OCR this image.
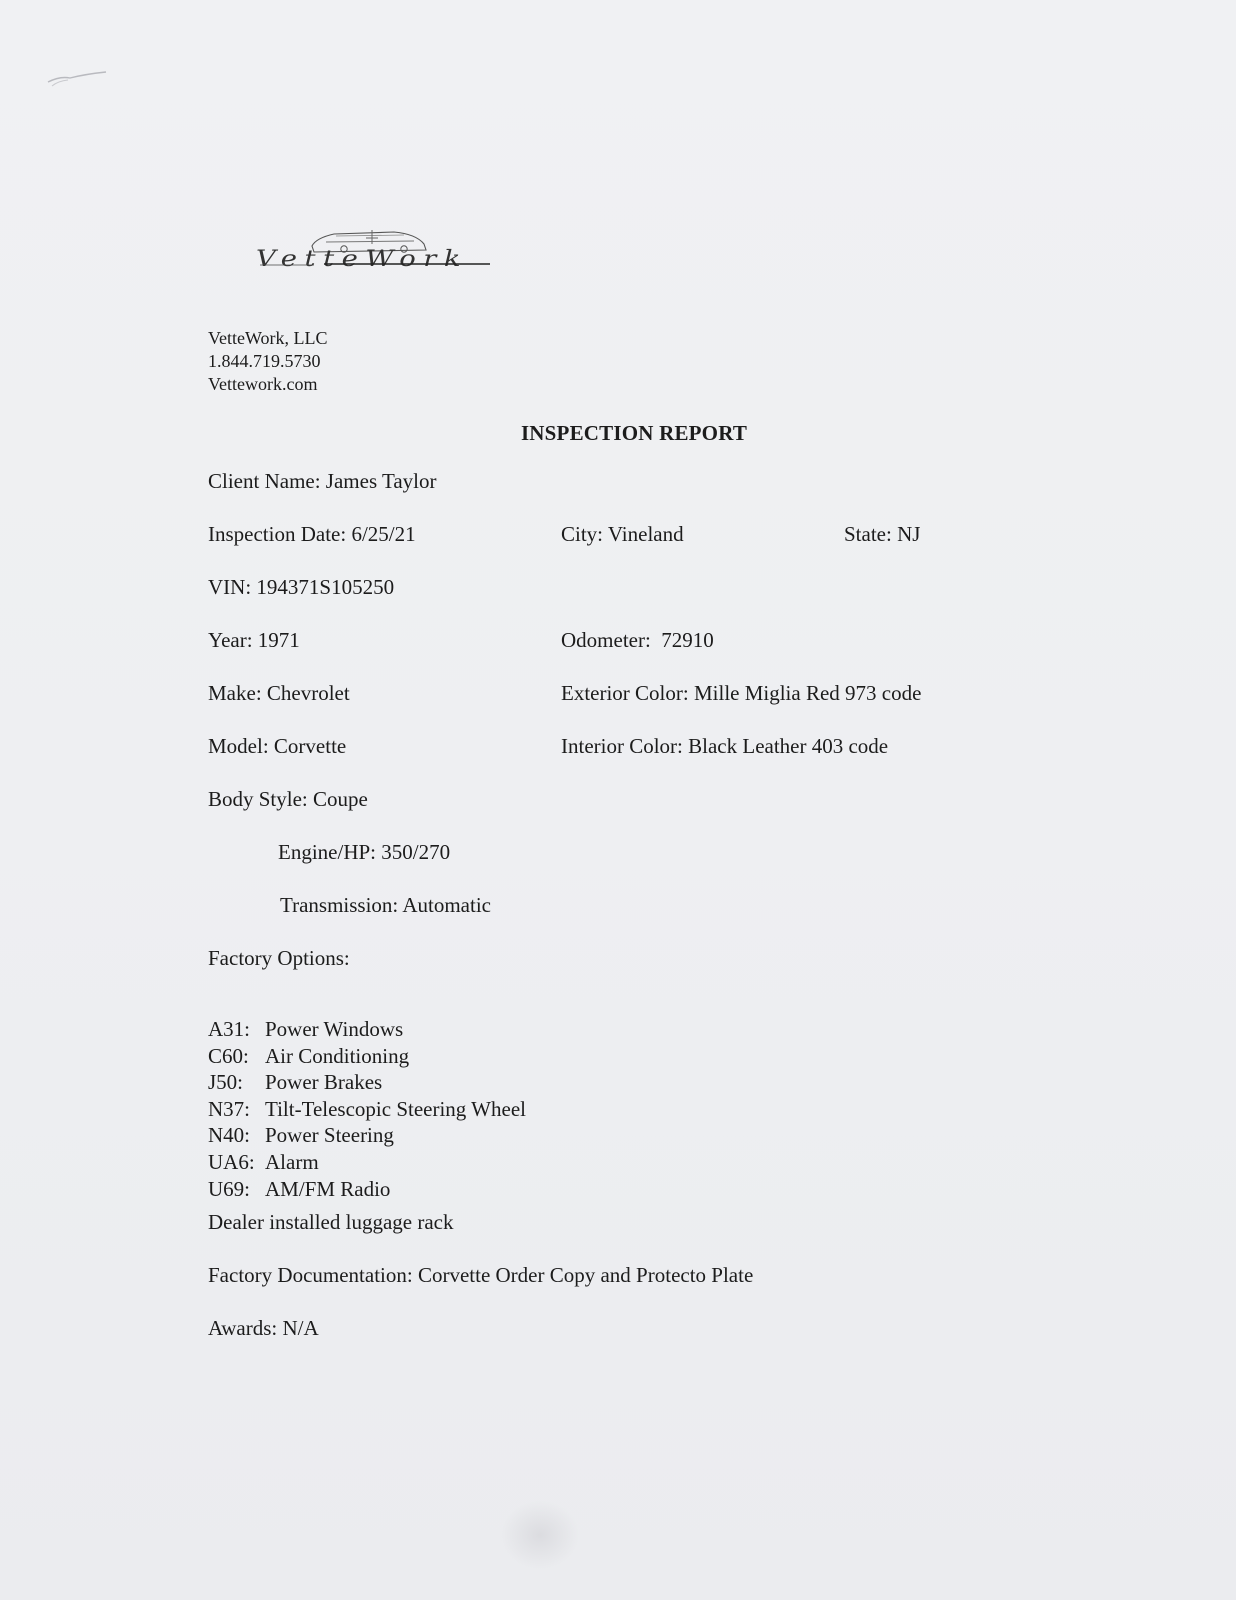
VetteWork
VetteWork, LLC
1.844.719.5730
Vettework.com
INSPECTION REPORT
Client Name: James Taylor
Inspection Date: 6/25/21	City: Vineland	State: NJ
VIN: 194371S105250
Year: 1971	Odometer:  72910
Make: Chevrolet	Exterior Color: Mille Miglia Red 973 code
Model: Corvette	Interior Color: Black Leather 403 code
Body Style: Coupe
Engine/HP: 350/270
Transmission: Automatic
Factory Options:
A31: Power Windows
C60: Air Conditioning
J50: Power Brakes
N37: Tilt-Telescopic Steering Wheel
N40: Power Steering
UA6: Alarm
U69: AM/FM Radio
Dealer installed luggage rack
Factory Documentation: Corvette Order Copy and Protecto Plate
Awards: N/A
